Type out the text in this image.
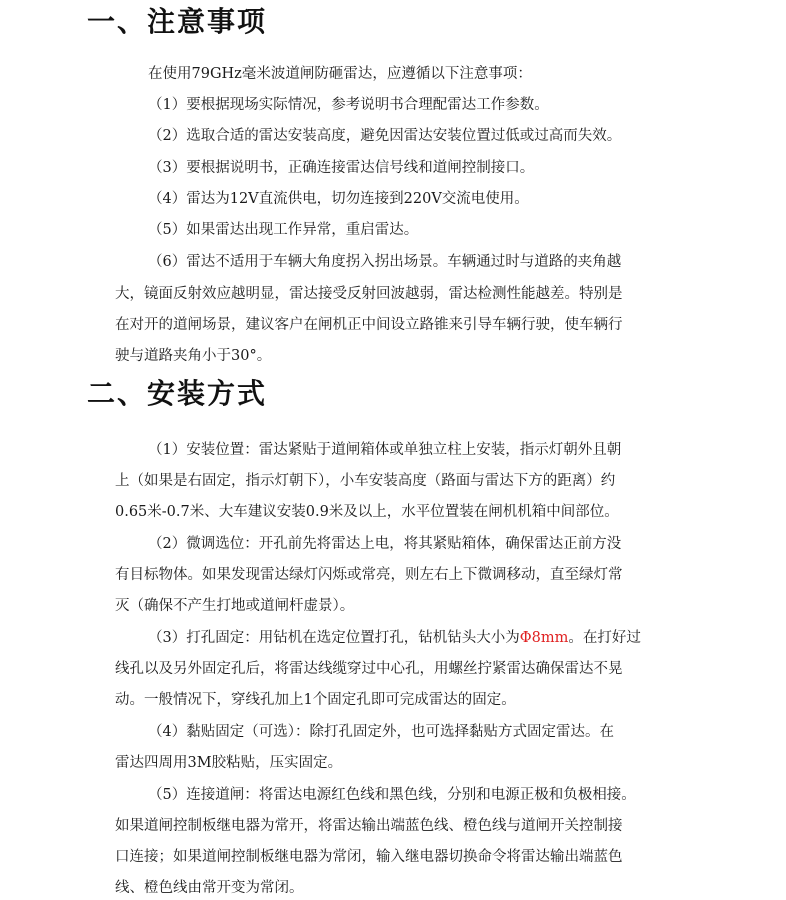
一、注意事项

在使用79GHz毫米波道闸防砸雷达，应遵循以下注意事项：

（1）要根据现场实际情况，参考说明书合理配雷达工作参数。

（2）选取合适的雷达安装高度，避免因雷达安装位置过低或过高而失效。

（3）要根据说明书，正确连接雷达信号线和道闸控制接口。

（4）雷达为12V直流供电，切勿连接到220V交流电使用。

（5）如果雷达出现工作异常，重启雷达。

（6）雷达不适用于车辆大角度拐入拐出场景。车辆通过时与道路的夹角越

大，镜面反射效应越明显，雷达接受反射回波越弱，雷达检测性能越差。特别是

在对开的道闸场景，建议客户在闸机正中间设立路锥来引导车辆行驶，使车辆行

驶与道路夹角小于30°。

二、安装方式

（1）安装位置：雷达紧贴于道闸箱体或单独立柱上安装，指示灯朝外且朝

上（如果是右固定，指示灯朝下），小车安装高度（路面与雷达下方的距离）约

0.65米-0.7米、大车建议安装0.9米及以上，水平位置装在闸机机箱中间部位。

（2）微调选位：开孔前先将雷达上电，将其紧贴箱体，确保雷达正前方没

有目标物体。如果发现雷达绿灯闪烁或常亮，则左右上下微调移动，直至绿灯常

灭（确保不产生打地或道闸杆虚景）。

（3）打孔固定：用钻机在选定位置打孔，钻机钻头大小为Φ8mm。在打好过

线孔以及另外固定孔后，将雷达线缆穿过中心孔，用螺丝拧紧雷达确保雷达不晃

动。一般情况下，穿线孔加上1个固定孔即可完成雷达的固定。

（4）黏贴固定（可选）：除打孔固定外，也可选择黏贴方式固定雷达。在

雷达四周用3M胶粘贴，压实固定。

（5）连接道闸：将雷达电源红色线和黑色线，分别和电源正极和负极相接。

如果道闸控制板继电器为常开，将雷达输出端蓝色线、橙色线与道闸开关控制接

口连接；如果道闸控制板继电器为常闭，输入继电器切换命令将雷达输出端蓝色

线、橙色线由常开变为常闭。
